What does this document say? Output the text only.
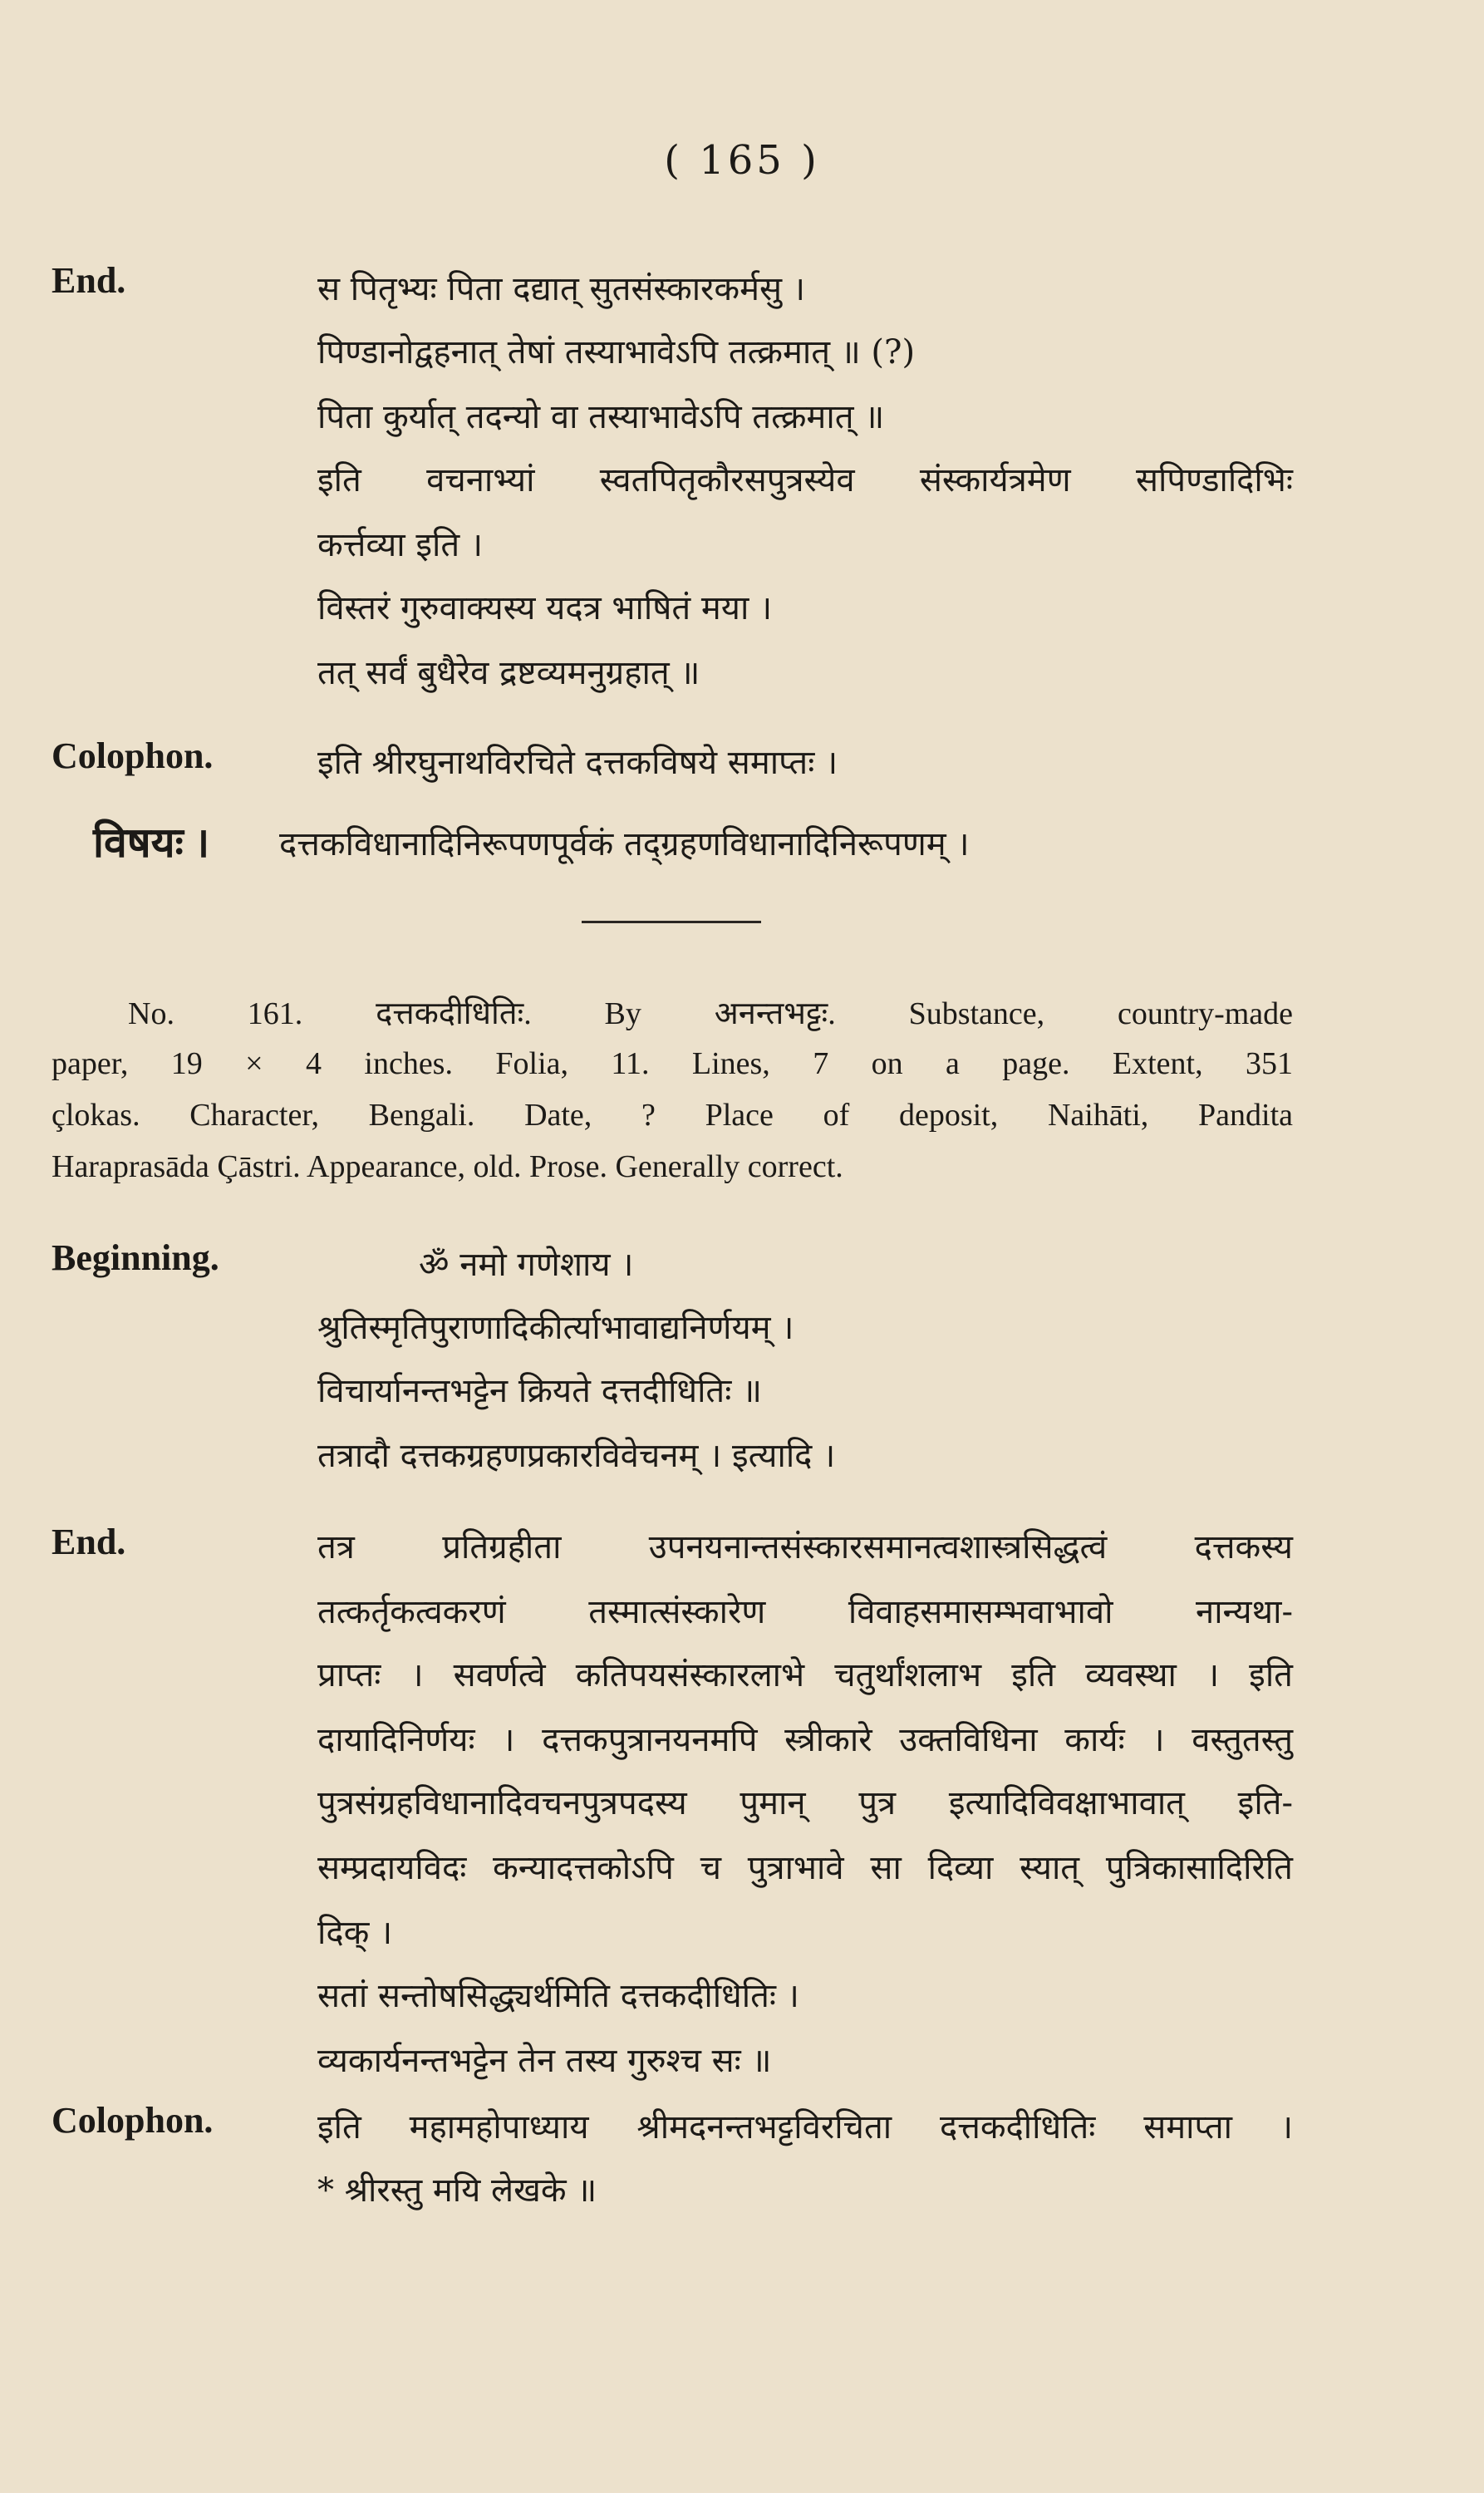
( 165 )
End.	स पितृभ्यः पिता दद्यात् सुतसंस्कारकर्मसु ।
पिण्डानोद्वहनात् तेषां तस्याभावेऽपि तत्क्रमात् ॥ (?)
पिता कुर्यात् तदन्यो वा तस्याभावेऽपि तत्क्रमात् ॥
इति वचनाभ्यां स्वतपितृकौरसपुत्रस्येव संस्कार्यत्रमेण सपिण्डादिभिः
कर्त्तव्या इति ।
विस्तरं गुरुवाक्यस्य यदत्र भाषितं मया ।
तत् सर्वं बुधैरेव द्रष्टव्यमनुग्रहात् ॥
Colophon.	इति श्रीरघुनाथविरचिते दत्तकविषये समाप्तः ।
विषयः । दत्तकविधानादिनिरूपणपूर्वकं तद्ग्रहणविधानादिनिरूपणम् ।
No. 161. दत्तकदीधितिः. By अनन्तभट्टः. Substance, country-made
paper, 19 × 4 inches. Folia, 11. Lines, 7 on a page. Extent, 351
çlokas. Character, Bengali. Date, ? Place of deposit, Naihāti, Pandita
Haraprasāda Çāstri. Appearance, old. Prose. Generally correct.
Beginning.	ॐ नमो गणेशाय ।
श्रुतिस्मृतिपुराणादिकीर्त्याभावाद्यनिर्णयम् ।
विचार्यानन्तभट्टेन क्रियते दत्तदीधितिः ॥
तत्रादौ दत्तकग्रहणप्रकारविवेचनम् । इत्यादि ।
End.	तत्र प्रतिग्रहीता उपनयनान्तसंस्कारसमानत्वशास्त्रसिद्धत्वं दत्तकस्य
तत्कर्तृकत्वकरणं तस्मात्संस्कारेण विवाहसमासम्भवाभावो नान्यथा-
प्राप्तः । सवर्णत्वे कतिपयसंस्कारलाभे चतुर्थांशलाभ इति व्यवस्था । इति
दायादिनिर्णयः । दत्तकपुत्रानयनमपि स्त्रीकारे उक्तविधिना कार्यः । वस्तुतस्तु
पुत्रसंग्रहविधानादिवचनपुत्रपदस्य पुमान् पुत्र इत्यादिविवक्षाभावात् इति-
सम्प्रदायविदः कन्यादत्तकोऽपि च पुत्राभावे सा दिव्या स्यात् पुत्रिकासादिरिति
दिक् ।
सतां सन्तोषसिद्ध्यर्थमिति दत्तकदीधितिः ।
व्यकार्यनन्तभट्टेन तेन तस्य गुरुश्च सः ॥
Colophon.	इति महामहोपाध्याय श्रीमदनन्तभट्टविरचिता दत्तकदीधितिः समाप्ता ।
* श्रीरस्तु मयि लेखके ॥
